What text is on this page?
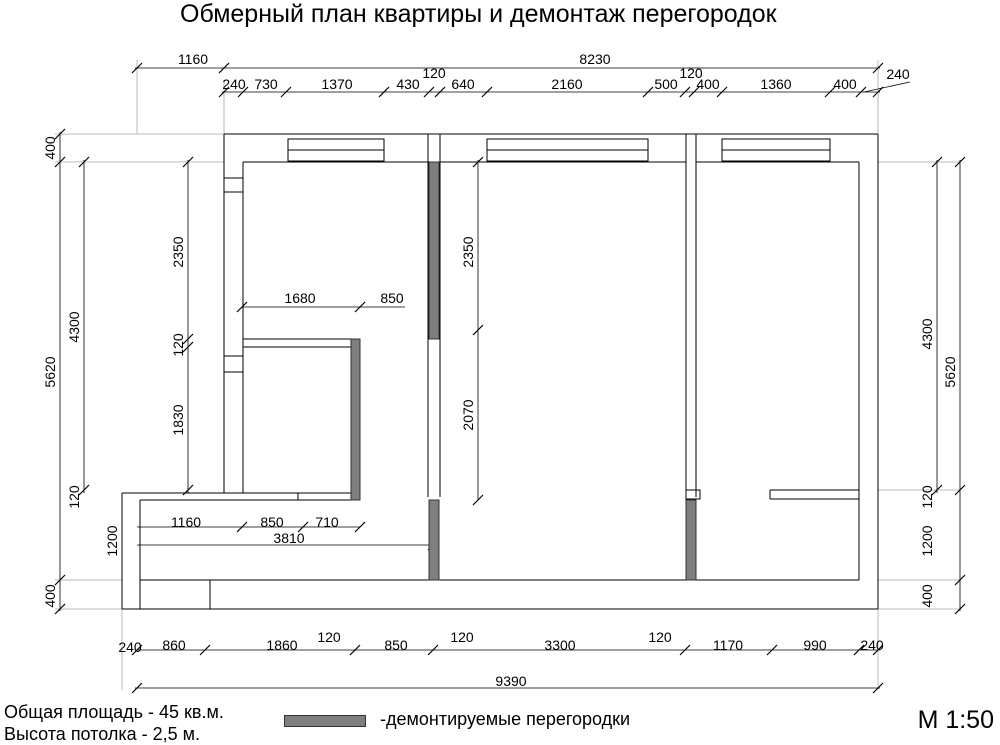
Обмерный план квартиры и демонтаж перегородок
1160	8230
240 730	1370	430
120
640	2160	500
120
400	1360	400
240
400
5620
1200
400
4300
120
2350
120
1830
1680	850
1160	850 710
3810
2350
2070
4300
5620
120
1200
400
240 860	1860 120	850	120	3300	120	1170	990 240
9390
Общая площадь - 45 кв.м.
Высота потолка - 2,5 м.
-демонтируемые перегородки	М 1:50
